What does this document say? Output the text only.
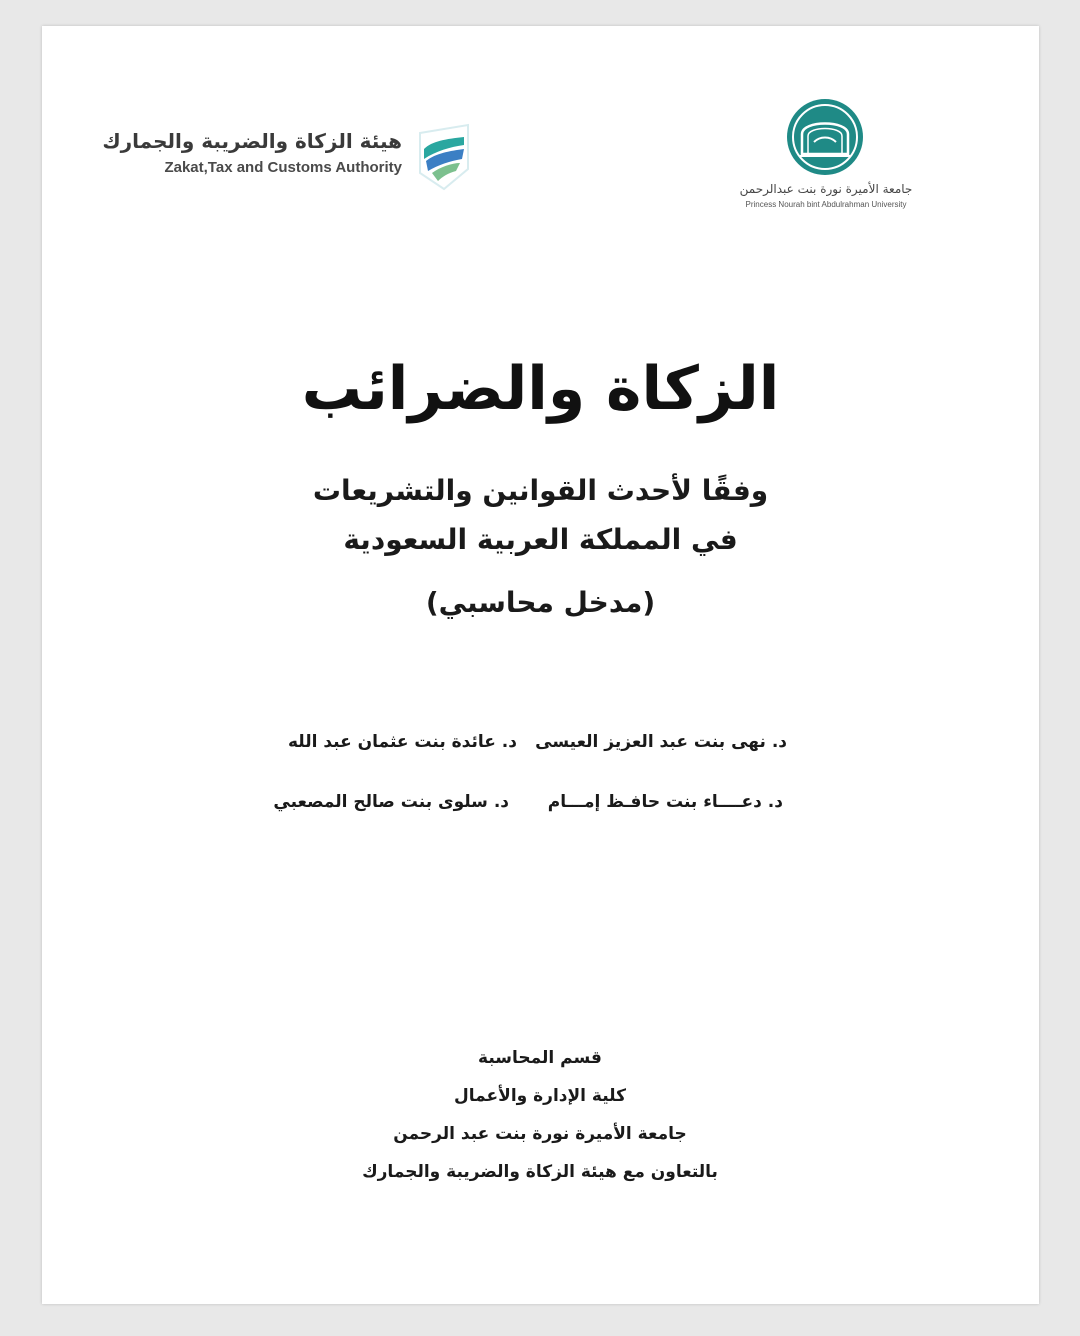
هيئة الزكاة والضريبة والجمارك
Zakat,Tax and Customs Authority
جامعة الأميرة نورة بنت عبدالرحمن
Princess Nourah bint Abdulrahman University
الزكاة والضرائب
وفقًا لأحدث القوانين والتشريعات
في المملكة العربية السعودية
(مدخل محاسبي)
د. نهى بنت عبد العزيز العيسى
د. عائدة بنت عثمان عبد الله
د. دعــــاء بنت حافـظ إمـــام
د. سلوى بنت صالح المصعبي
قسم المحاسبة
كلية الإدارة والأعمال
جامعة الأميرة نورة بنت عبد الرحمن
بالتعاون مع هيئة الزكاة والضريبة والجمارك
